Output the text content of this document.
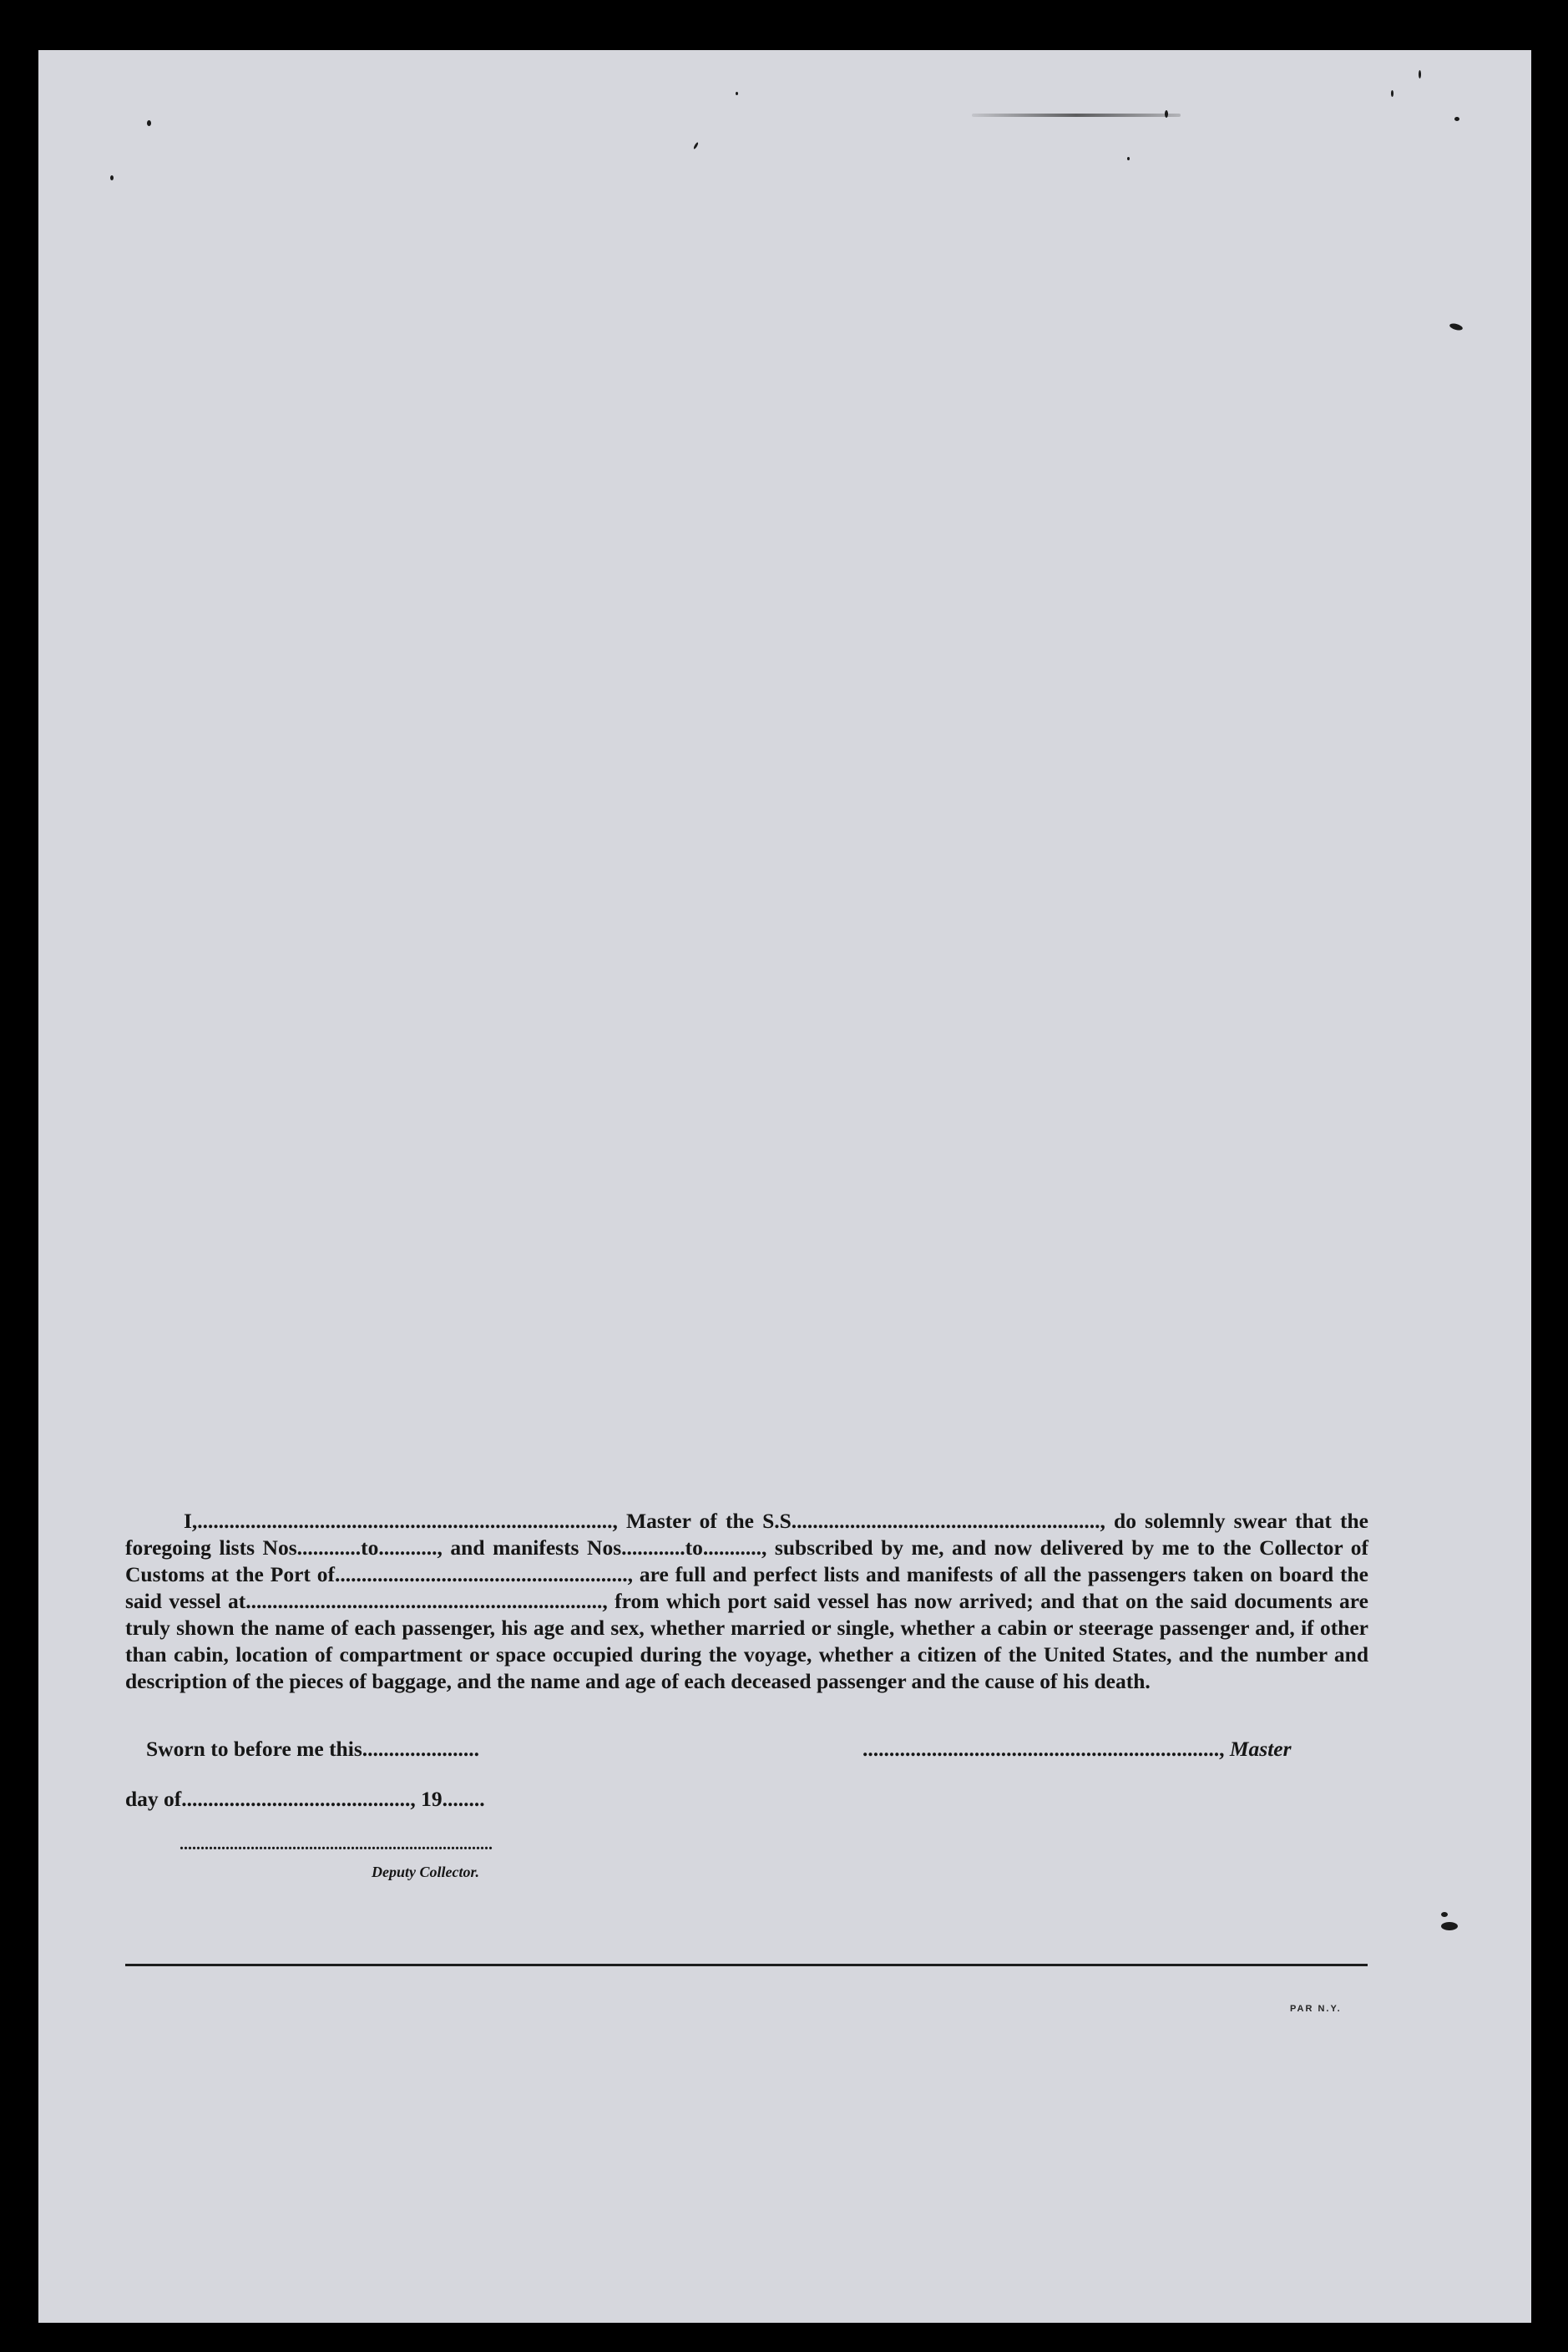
I,.............................................................................., Master of the S.S.........................................................., do solemnly swear that the foregoing lists Nos............to..........., and manifests Nos............to..........., subscribed by me, and now delivered by me to the Collector of Customs at the Port of......................................................., are full and perfect lists and manifests of all the passengers taken on board the said vessel at..................................................................., from which port said vessel has now arrived; and that on the said documents are truly shown the name of each passenger, his age and sex, whether married or single, whether a cabin or steerage passenger and, if other than cabin, location of compartment or space occupied during the voyage, whether a citizen of the United States, and the number and description of the pieces of baggage, and the name and age of each deceased passenger and the cause of his death.
Sworn to before me this......................	..................................................................., Master
day of..........................................., 19........
...........................................................................
Deputy Collector.
PAR N.Y.
